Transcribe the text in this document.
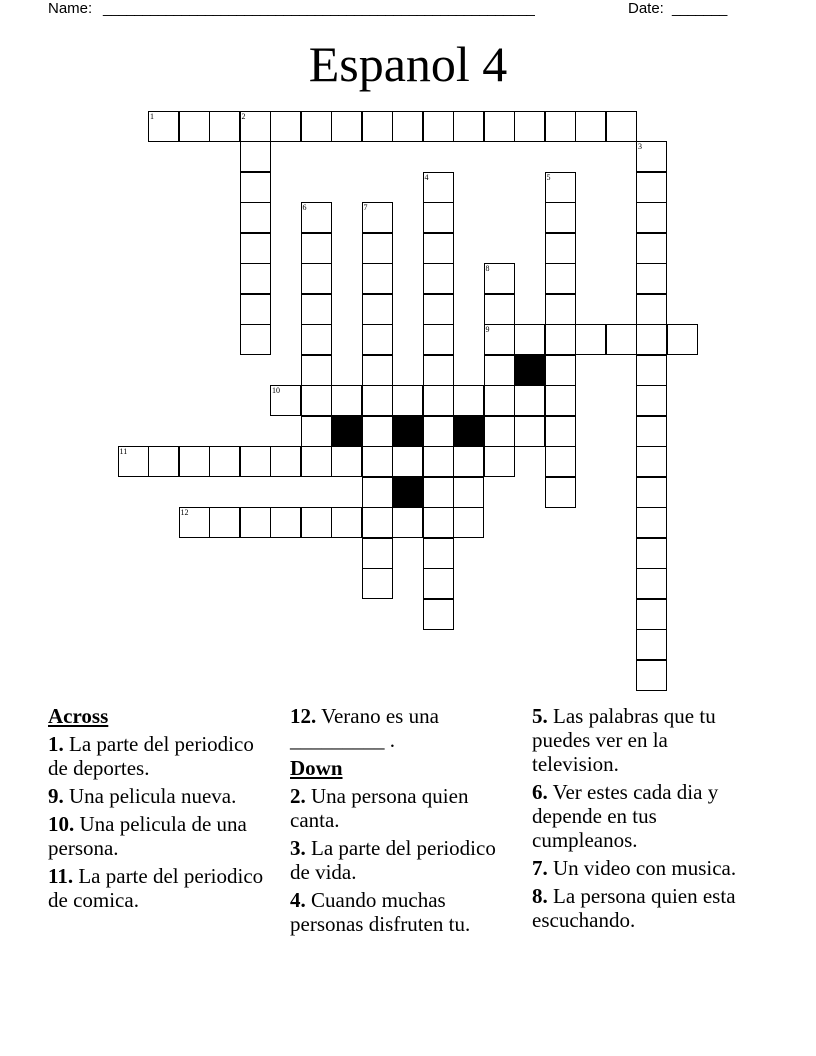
Name: _______________________________________________________	Date: _______
Espanol 4
1	2
3
4	5
6	7
8
9
10
11
12
Across
1. La parte del periodico de deportes.
9. Una pelicula nueva.
10. Una pelicula de una persona.
11. La parte del periodico de comica.
12. Verano es una _________ .
Down
2. Una persona quien canta.
3. La parte del periodico de vida.
4. Cuando muchas personas disfruten tu.
5. Las palabras que tu puedes ver en la television.
6. Ver estes cada dia y depende en tus cumpleanos.
7. Un video con musica.
8. La persona quien esta escuchando.
